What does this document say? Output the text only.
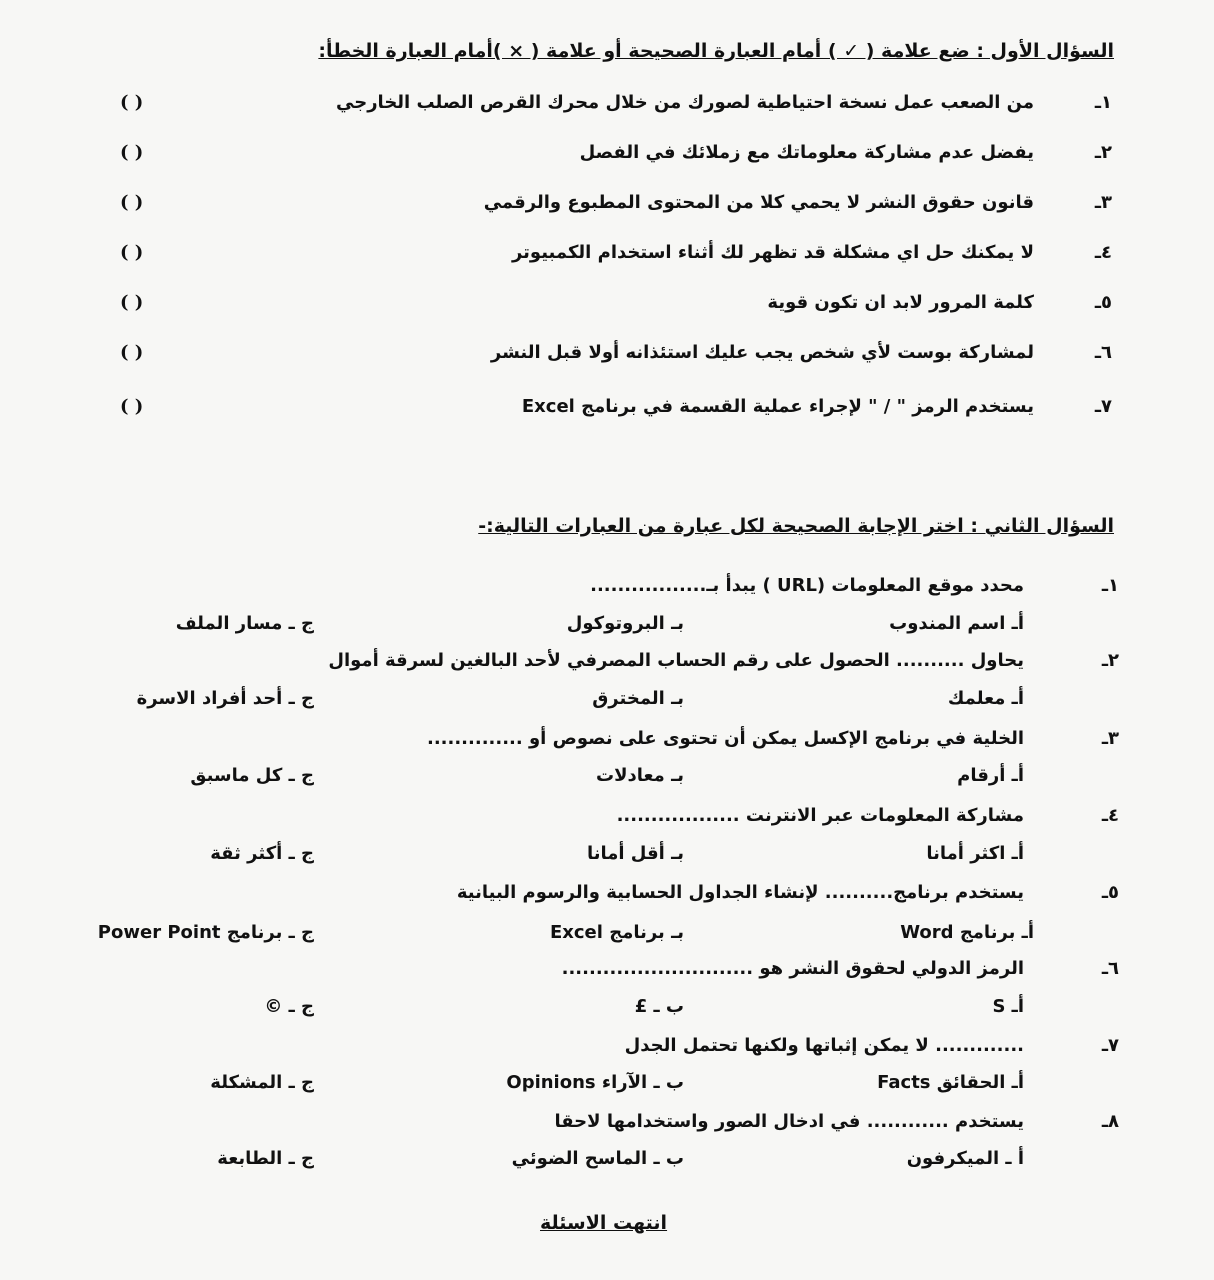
السؤال الأول : ضع علامة ( ✓ ) أمام العبارة الصحيحة أو علامة ( × )أمام العبارة الخطأ:
١ـ
من الصعب عمل نسخة احتياطية لصورك من خلال محرك القرص الصلب الخارجي
( )
٢ـ
يفضل عدم مشاركة معلوماتك مع زملائك في الفصل
( )
٣ـ
قانون حقوق النشر لا يحمي كلا من المحتوى المطبوع والرقمي
( )
٤ـ
لا يمكنك حل اي مشكلة قد تظهر لك أثناء استخدام الكمبيوتر
( )
٥ـ
كلمة المرور لابد ان تكون قوية
( )
٦ـ
لمشاركة بوست لأي شخص يجب عليك استئذانه أولا قبل النشر
( )
٧ـ
يستخدم الرمز " / " لإجراء عملية القسمة في برنامج Excel
( )
السؤال الثاني : اختر الإجابة الصحيحة لكل عبارة من العبارات التالية:-
١ـ
محدد موقع المعلومات (URL ) يبدأ بـ.................
أـ اسم المندوب
بـ البروتوكول
ج ـ مسار الملف
٢ـ
يحاول .......... الحصول على رقم الحساب المصرفي لأحد البالغين لسرقة أموال
أـ معلمك
بـ المخترق
ج ـ أحد أفراد الاسرة
٣ـ
الخلية في برنامج الإكسل يمكن أن تحتوى على نصوص أو ..............
أـ أرقام
بـ معادلات
ج ـ كل ماسبق
٤ـ
مشاركة المعلومات عبر الانترنت ..................
أـ اكثر أمانا
بـ أقل أمانا
ج ـ أكثر ثقة
٥ـ
يستخدم برنامج.......... لإنشاء الجداول الحسابية والرسوم البيانية
أـ برنامج Word
بـ برنامج Excel
ج ـ برنامج Power Point
٦ـ
الرمز الدولي لحقوق النشر هو ............................
أـ S
ب ـ £
ج ـ ©
٧ـ
............. لا يمكن إثباتها ولكنها تحتمل الجدل
أـ الحقائق Facts
ب ـ الآراء Opinions
ج ـ المشكلة
٨ـ
يستخدم ............ في ادخال الصور واستخدامها لاحقا
أ ـ الميكرفون
ب ـ الماسح الضوئي
ج ـ الطابعة
انتهت الاسئلة
